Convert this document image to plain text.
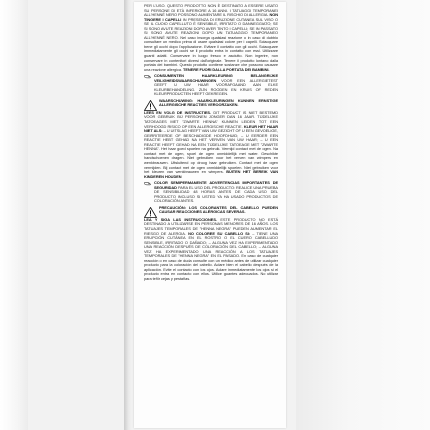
PER L'USO. QUESTO PRODOTTO NON È DESTINATO A ESSERE USATO SU PERSONE DI ETÀ INFERIORE A 16 ANNI. I TATUAGGI TEMPORANEI ALL'HENNÉ NERO POSSONO AUMENTARE IL RISCHIO DI ALLERGIA. NON TINGERE I CAPELLI IN PRESENZA DI ERUZIONE CUTANEA SUL VISO O SE IL CUOIO CAPELLUTO È SENSIBILE, IRRITATO O DANNEGGIATO; SE SI SONO AVUTE REAZIONI DOPO AVER TINTO I CAPELLI; SE IN PASSATO SI SONO AVUTE REAZIONI DOPO UN TATUAGGIO TEMPORANEO ALL'HENNÉ NERO. Nel caso insorga qualsiasi reazione o in caso di dubbio consultare un medico prima di usare qualsiasi colore per i capelli. Sciacquare bene gli occhi dopo l'applicazione. Evitare il contatto con gli occhi. Sciacquare immediatamente gli occhi se il prodotto entra in contatto con essi. Utilizzare guanti adatti. Conservare in luogo fresco e asciutto. Non ingerire, non conservare in contenitori diversi dall'originale. Tenere il prodotto lontano dalla portata dei bambini. Questo prodotto contiene sostanze che possono causare una reazione allergica. TENERE FUORI DALLA PORTATA DEI BAMBINI.
CONSUMENTEN HAARKLEURING BELANGRIJKE VEILIGHEIDSWAARSCHUWINGEN VOOR EEN ALLERGIETEST GEEFT U UW HAAR VOORAFGAAND AAN ELKE KLEURBEHANDELING. ZIJN ROODEN EN KRUIS OF REDEN KLEURPRODUCTEN HEEFT GEKREGEN.
WAARSCHUWING: HAARKLEURINGEN KUNNEN ERNSTIGE ALLERGISCHE REACTIES VEROORZAKEN.
LEES EN VOLG DE INSTRUCTIES. DIT PRODUCT IS NIET BESTEMD VOOR GEBRUIK BIJ PERSONEN JONGER DAN 16 JAAR. TIJDELIJKE TATOEAGES MET "ZWARTE HENNA" KUNNEN LEIDEN TOT EEN VERHOOGD RISICO OP EEN ALLERGISCHE REACTIE. KLEUR HET HAAR NIET ALS: – U UITSLAG HEEFT VAN UW GEZICHT OF U EEN GEVOELIGE, GEIRRITEERDE OF BESCHADIGDE HOOFDHUID; – U EERDER EEN REACTIE HEBT GEHAD NA HET VERVEN VAN UW HAAR; – U EEN REACTIE HEEFT GEHAD NA EEN TIJDELIJKE TATOEAGE MET "ZWARTE HENNA". Het haar goed spoelen na gebruik. Vermijd contact met de ogen. Na contact met de ogen, spoel de ogen onmiddellijk met water. Geschikte handschoenen dragen. Niet gebruiken voor het verven van wimpers en wenkbrauwen. Uitsluitend op droog haar gebruiken. Contact met de ogen vermijden. Bij contact met de ogen onmiddellijk spoelen. Niet gebruiken voor het kleuren van wenkbrauwen en wimpers. BUITEN HET BEREIK VAN KINDEREN HOUDEN
COLOR SEMIPERMANENTE ADVERTENCIAS IMPORTANTES DE SEGURIDAD PARA EL USO DEL PRODUCTO: REALICE UNA PRUEBA DE SENSIBILIDAD 48 HORAS ANTES DE CADA USO DEL PRODUCTO INCLUSO SI USTED YA HA USADO PRODUCTOS DE COLORACIÓN ANTES.
PRECAUCIÓN: LOS COLORANTES DEL CABELLO PUEDEN CAUSAR REACCIONES ALÉRGICAS SEVERAS.
LEA Y SIGA LAS INSTRUCCIONES. ESTE PRODUCTO NO ESTÁ DESTINADO A UTILIZARSE EN PERSONAS MENORES DE 16 AÑOS. LOS TATUAJES TEMPORALES DE "HENNA NEGRA" PUEDEN AUMENTAR EL RIESGO DE ALERGIA. NO COLOREE SU CABELLO SI: – TIENE UNA ERUPCIÓN CUTÁNEA EN EL ROSTRO O EL CUERO CABELLUDO SENSIBLE, IRRITADO O DAÑADO; – ALGUNA VEZ HA EXPERIMENTADO UNA REACCIÓN DESPUÉS DE COLORACIÓN DEL CABELLO; – ALGUNA VEZ HA EXPERIMENTADO UNA REACCIÓN A LOS TATUAJES TEMPORALES DE "HENNA NEGRA" EN EL PASADO. En caso de cualquier reacción o en caso de duda consulte con un médico antes de utilizar cualquier producto para la coloración del cabello. Aclare bien el cabello después de la aplicación. Evite el contacto con los ojos. Aclare inmediatamente los ojos si el producto entra en contacto con ellos. Utilice guantes adecuados. No utilizar para teñir cejas y pestañas.
